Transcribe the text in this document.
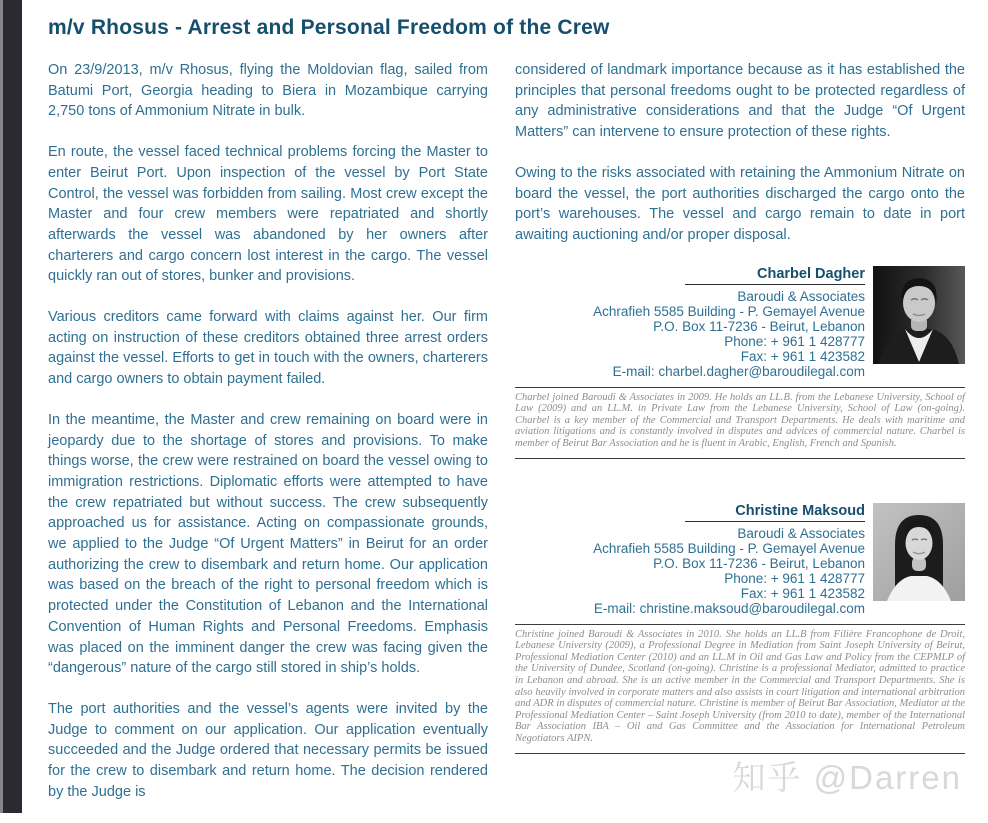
m/v Rhosus - Arrest and Personal Freedom of the Crew

On 23/9/2013, m/v Rhosus, flying the Moldovian flag, sailed from Batumi Port, Georgia heading to Biera in Mozambique carrying 2,750 tons of Ammonium Nitrate in bulk.

En route, the vessel faced technical problems forcing the Master to enter Beirut Port. Upon inspection of the vessel by Port State Control, the vessel was forbidden from sailing. Most crew except the Master and four crew members were repatriated and shortly afterwards the vessel was abandoned by her owners after charterers and cargo concern lost interest in the cargo. The vessel quickly ran out of stores, bunker and provisions.

Various creditors came forward with claims against her. Our firm acting on instruction of these creditors obtained three arrest orders against the vessel. Efforts to get in touch with the owners, charterers and cargo owners to obtain payment failed.

In the meantime, the Master and crew remaining on board were in jeopardy due to the shortage of stores and provisions. To make things worse, the crew were restrained on board the vessel owing to immigration restrictions. Diplomatic efforts were attempted to have the crew repatriated but without success. The crew subsequently approached us for assistance. Acting on compassionate grounds, we applied to the Judge “Of Urgent Matters” in Beirut for an order authorizing the crew to disembark and return home. Our application was based on the breach of the right to personal freedom which is protected under the Constitution of Lebanon and the International Convention of Human Rights and Personal Freedoms. Emphasis was placed on the imminent danger the crew was facing given the “dangerous” nature of the cargo still stored in ship’s holds.

The port authorities and the vessel’s agents were invited by the Judge to comment on our application. Our application eventually succeeded and the Judge ordered that necessary permits be issued for the crew to disembark and return home. The decision rendered by the Judge is

considered of landmark importance because as it has established the principles that personal freedoms ought to be protected regardless of any administrative considerations and that the Judge “Of Urgent Matters” can intervene to ensure protection of these rights.

Owing to the risks associated with retaining the Ammonium Nitrate on board the vessel, the port authorities discharged the cargo onto the port’s warehouses. The vessel and cargo remain to date in port awaiting auctioning and/or proper disposal.

Charbel Dagher
Baroudi & Associates
Achrafieh 5585 Building - P. Gemayel Avenue
P.O. Box 11-7236 - Beirut, Lebanon
Phone: + 961 1 428777
Fax: + 961 1 423582
E-mail: charbel.dagher@baroudilegal.com

Charbel joined Baroudi & Associates in 2009. He holds an LL.B. from the Lebanese University, School of Law (2009) and an LL.M. in Private Law from the Lebanese University, School of Law (on-going). Charbel is a key member of the Commercial and Transport Departments. He deals with maritime and aviation litigations and is constantly involved in disputes and advices of commercial nature. Charbel is member of Beirut Bar Association and he is fluent in Arabic, English, French and Spanish.

Christine Maksoud
Baroudi & Associates
Achrafieh 5585 Building - P. Gemayel Avenue
P.O. Box 11-7236 - Beirut, Lebanon
Phone: + 961 1 428777
Fax: + 961 1 423582
E-mail: christine.maksoud@baroudilegal.com

Christine joined Baroudi & Associates in 2010. She holds an LL.B from Filière Francophone de Droit, Lebanese University (2009), a Professional Degree in Mediation from Saint Joseph University of Beirut, Professional Mediation Center (2010) and an LL.M in Oil and Gas Law and Policy from the CEPMLP of the University of Dundee, Scotland (on-going). Christine is a professional Mediator, admitted to practice in Lebanon and abroad. She is an active member in the Commercial and Transport Departments. She is also heavily involved in corporate matters and also assists in court litigation and international arbitration and ADR in disputes of commercial nature. Christine is member of Beirut Bar Association, Mediator at the Professional Mediation Center – Saint Joseph University (from 2010 to date), member of the International Bar Association IBA – Oil and Gas Committee and the Association for International Petroleum Negotiators AIPN.

知乎 @Darren
